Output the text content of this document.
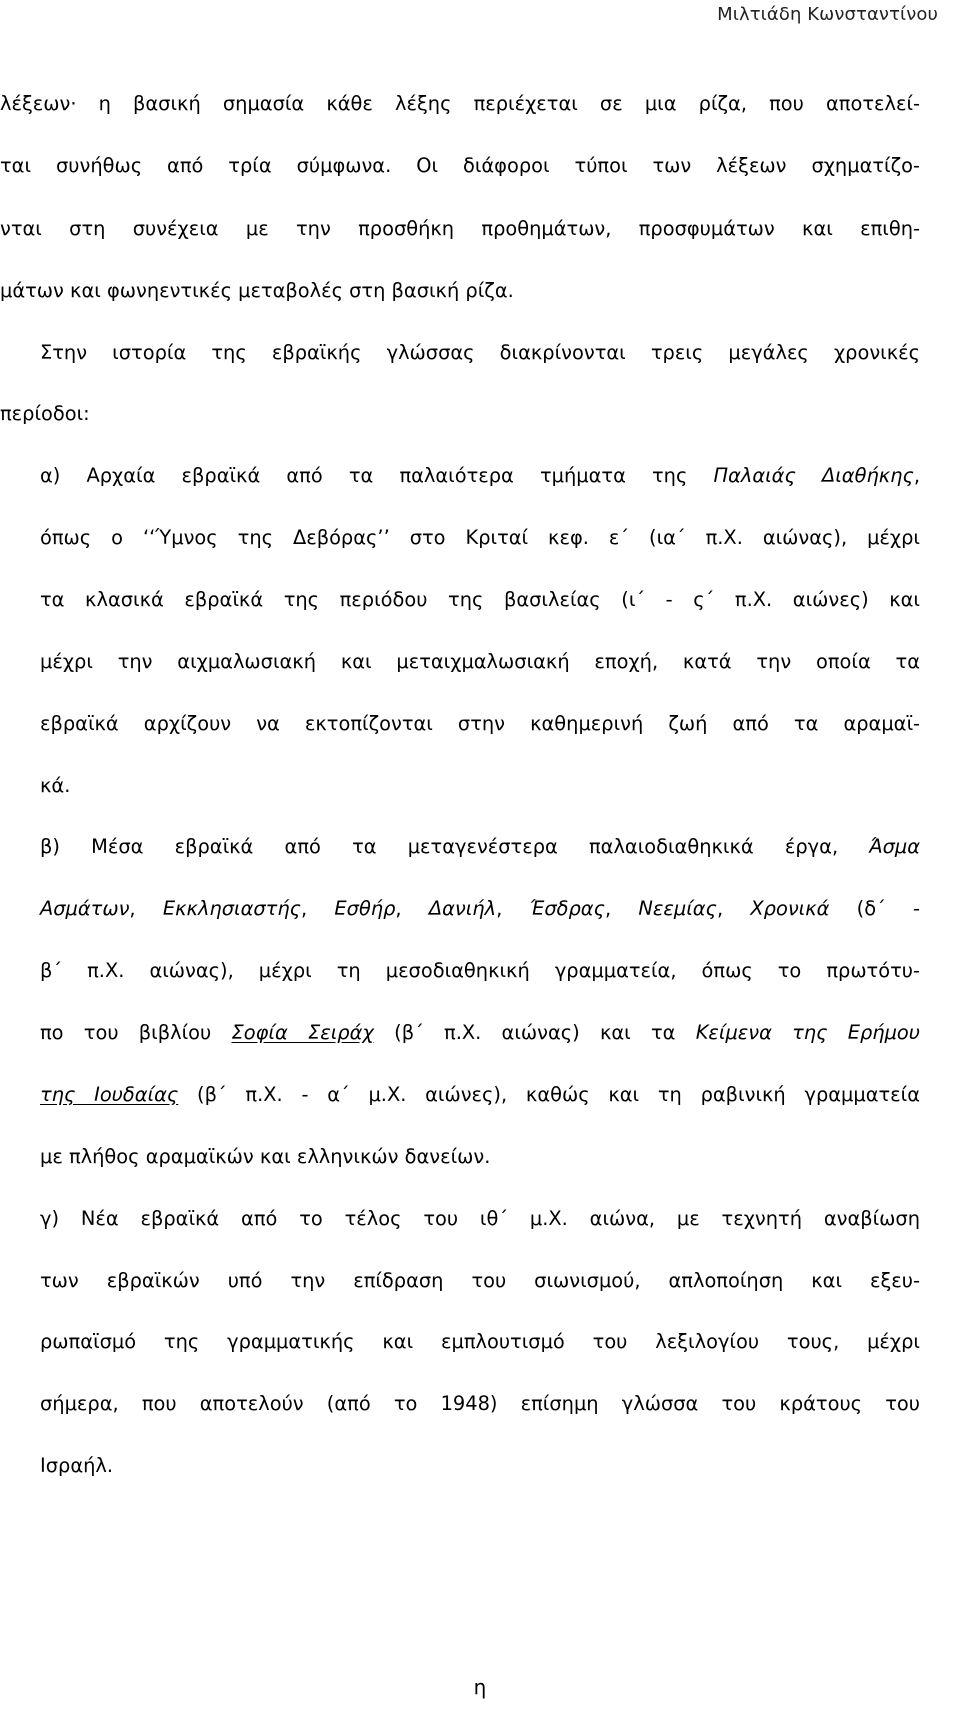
Μιλτιάδη Κωνσταντίνου
λέξεων· η βασική σημασία κάθε λέξης περιέχεται σε μια ρίζα, που αποτελεί-
ται συνήθως από τρία σύμφωνα. Οι διάφοροι τύποι των λέξεων σχηματίζο-
νται στη συνέχεια με την προσθήκη προθημάτων, προσφυμάτων και επιθη-
μάτων και φωνηεντικές μεταβολές στη βασική ρίζα.
Στην ιστορία της εβραϊκής γλώσσας διακρίνονται τρεις μεγάλες χρονικές
περίοδοι:
α) Αρχαία εβραϊκά από τα παλαιότερα τμήματα της Παλαιάς Διαθήκης,
όπως ο ‘‘Ύμνος της Δεβόρας’’ στο Κριταί κεφ. ε΄ (ια΄ π.Χ. αιώνας), μέχρι
τα κλασικά εβραϊκά της περιόδου της βασιλείας (ι΄ - ς΄ π.Χ. αιώνες) και
μέχρι την αιχμαλωσιακή και μεταιχμαλωσιακή εποχή, κατά την οποία τα
εβραϊκά αρχίζουν να εκτοπίζονται στην καθημερινή ζωή από τα αραμαϊ-
κά.
β) Μέσα εβραϊκά από τα μεταγενέστερα παλαιοδιαθηκικά έργα, Άσμα
Ασμάτων, Εκκλησιαστής, Εσθήρ, Δανιήλ, Έσδρας, Νεεμίας, Χρονικά (δ΄ -
β΄ π.Χ. αιώνας), μέχρι τη μεσοδιαθηκική γραμματεία, όπως το πρωτότυ-
πο του βιβλίου Σοφία Σειράχ (β΄ π.Χ. αιώνας) και τα Κείμενα της Ερήμου
της Ιουδαίας (β΄ π.Χ. - α΄ μ.Χ. αιώνες), καθώς και τη ραβινική γραμματεία
με πλήθος αραμαϊκών και ελληνικών δανείων.
γ) Νέα εβραϊκά από το τέλος του ιθ΄ μ.Χ. αιώνα, με τεχνητή αναβίωση
των εβραϊκών υπό την επίδραση του σιωνισμού, απλοποίηση και εξευ-
ρωπαϊσμό της γραμματικής και εμπλουτισμό του λεξιλογίου τους, μέχρι
σήμερα, που αποτελούν (από το 1948) επίσημη γλώσσα του κράτους του
Ισραήλ.
η
